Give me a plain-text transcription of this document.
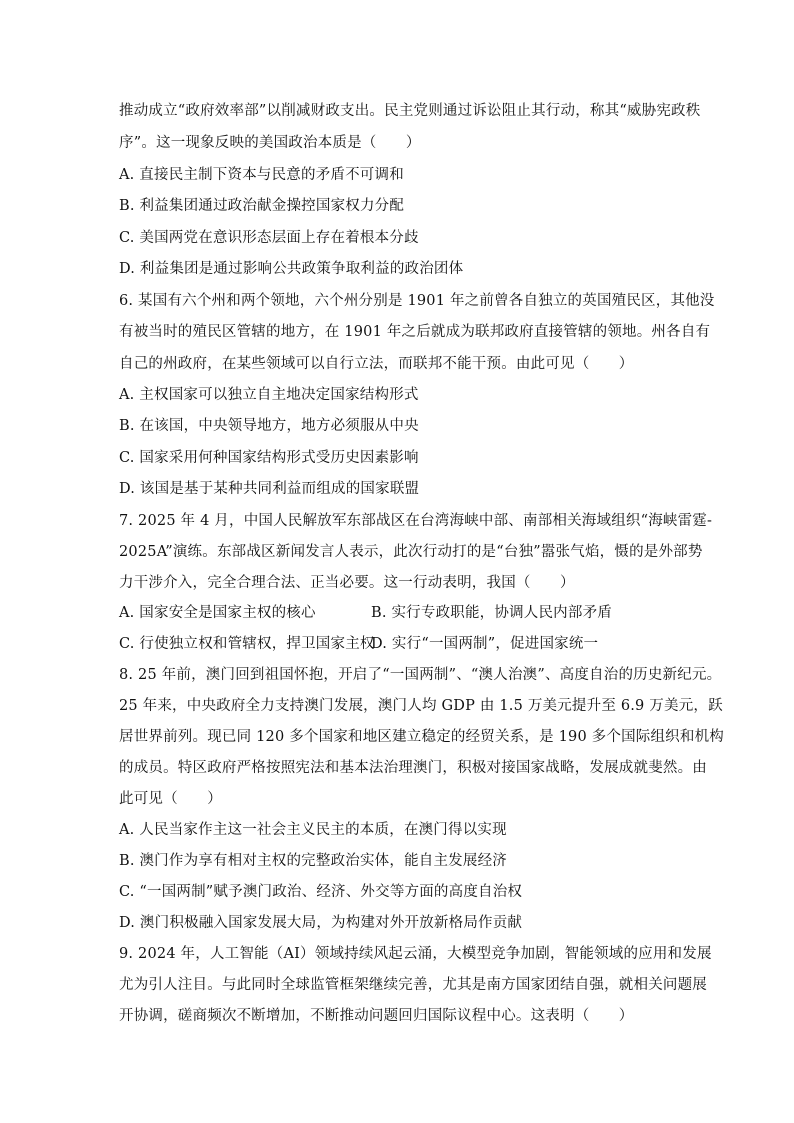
推动成立“政府效率部”以削减财政支出。民主党则通过诉讼阻止其行动，称其“威胁宪政秩
序”。这一现象反映的美国政治本质是（　　）
A. 直接民主制下资本与民意的矛盾不可调和
B. 利益集团通过政治献金操控国家权力分配
C. 美国两党在意识形态层面上存在着根本分歧
D. 利益集团是通过影响公共政策争取利益的政治团体
6. 某国有六个州和两个领地，六个州分别是 1901 年之前曾各自独立的英国殖民区，其他没
有被当时的殖民区管辖的地方，在 1901 年之后就成为联邦政府直接管辖的领地。州各自有
自己的州政府，在某些领域可以自行立法，而联邦不能干预。由此可见（　　）
A. 主权国家可以独立自主地决定国家结构形式
B. 在该国，中央领导地方，地方必须服从中央
C. 国家采用何种国家结构形式受历史因素影响
D. 该国是基于某种共同利益而组成的国家联盟
7. 2025 年 4 月，中国人民解放军东部战区在台湾海峡中部、南部相关海域组织“海峡雷霆-
2025A”演练。东部战区新闻发言人表示，此次行动打的是“台独”嚣张气焰，慑的是外部势
力干涉介入，完全合理合法、正当必要。这一行动表明，我国（　　）
A. 国家安全是国家主权的核心	B. 实行专政职能，协调人民内部矛盾
C. 行使独立权和管辖权，捍卫国家主权
D. 实行“一国两制”，促进国家统一
8. 25 年前，澳门回到祖国怀抱，开启了“一国两制”、“澳人治澳”、高度自治的历史新纪元。
25 年来，中央政府全力支持澳门发展，澳门人均 GDP 由 1.5 万美元提升至 6.9 万美元，跃
居世界前列。现已同 120 多个国家和地区建立稳定的经贸关系，是 190 多个国际组织和机构
的成员。特区政府严格按照宪法和基本法治理澳门，积极对接国家战略，发展成就斐然。由
此可见（　　）
A. 人民当家作主这一社会主义民主的本质，在澳门得以实现
B. 澳门作为享有相对主权的完整政治实体，能自主发展经济
C. “一国两制”赋予澳门政治、经济、外交等方面的高度自治权
D. 澳门积极融入国家发展大局，为构建对外开放新格局作贡献
9. 2024 年，人工智能（AI）领域持续风起云涌，大模型竞争加剧，智能领域的应用和发展
尤为引人注目。与此同时全球监管框架继续完善，尤其是南方国家团结自强，就相关问题展
开协调，磋商频次不断增加，不断推动问题回归国际议程中心。这表明（　　）
